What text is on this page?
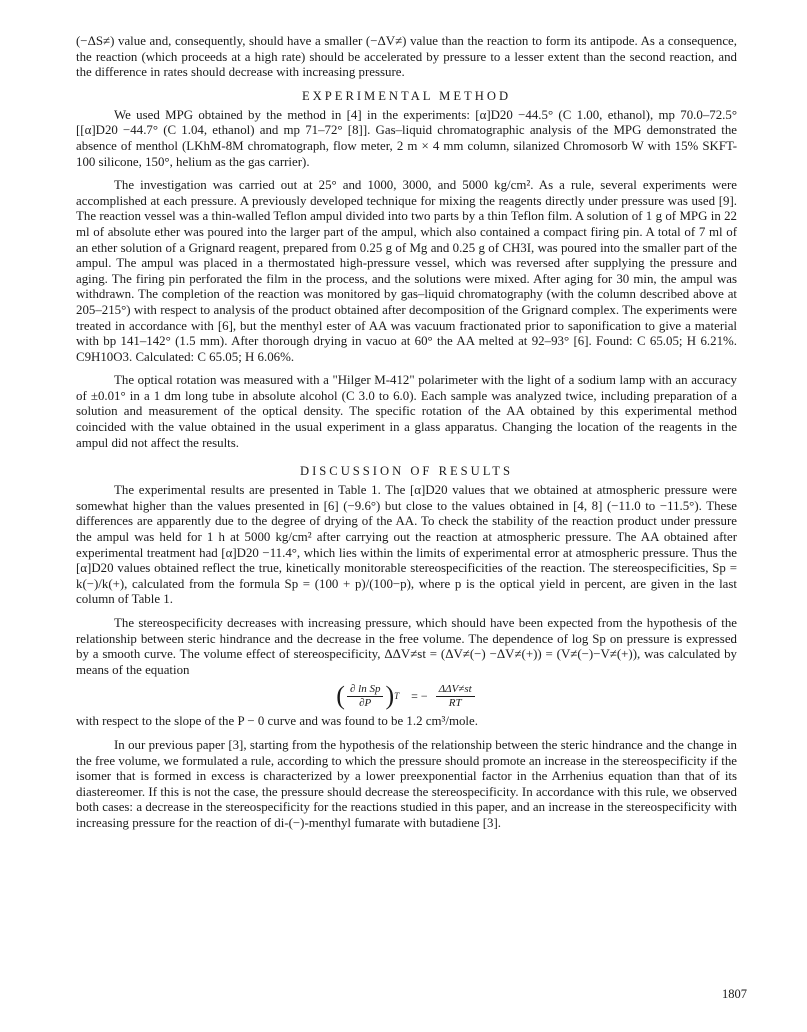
(−ΔS≠) value and, consequently, should have a smaller (−ΔV≠) value than the reaction to form its antipode. As a consequence, the reaction (which proceeds at a high rate) should be accelerated by pressure to a lesser extent than the second reaction, and the difference in rates should decrease with increasing pressure.

EXPERIMENTAL METHOD

We used MPG obtained by the method in [4] in the experiments: [α]D20 −44.5° (C 1.00, ethanol), mp 70.0–72.5° [[α]D20 −44.7° (C 1.04, ethanol) and mp 71–72° [8]]. Gas–liquid chromatographic analysis of the MPG demonstrated the absence of menthol (LKhM-8M chromatograph, flow meter, 2 m × 4 mm column, silanized Chromosorb W with 15% SKFT-100 silicone, 150°, helium as the gas carrier).

The investigation was carried out at 25° and 1000, 3000, and 5000 kg/cm². As a rule, several experiments were accomplished at each pressure. A previously developed technique for mixing the reagents directly under pressure was used [9]. The reaction vessel was a thin-walled Teflon ampul divided into two parts by a thin Teflon film. A solution of 1 g of MPG in 22 ml of absolute ether was poured into the larger part of the ampul, which also contained a compact firing pin. A total of 7 ml of an ether solution of a Grignard reagent, prepared from 0.25 g of Mg and 0.25 g of CH3I, was poured into the smaller part of the ampul. The ampul was placed in a thermostated high-pressure vessel, which was reversed after supplying the pressure and aging. The firing pin perforated the film in the process, and the solutions were mixed. After aging for 30 min, the ampul was withdrawn. The completion of the reaction was monitored by gas–liquid chromatography (with the column described above at 205–215°) with respect to analysis of the product obtained after decomposition of the Grignard complex. The experiments were treated in accordance with [6], but the menthyl ester of AA was vacuum fractionated prior to saponification to give a material with bp 141–142° (1.5 mm). After thorough drying in vacuo at 60° the AA melted at 92–93° [6]. Found: C 65.05; H 6.21%. C9H10O3. Calculated: C 65.05; H 6.06%.

The optical rotation was measured with a "Hilger M-412" polarimeter with the light of a sodium lamp with an accuracy of ±0.01° in a 1 dm long tube in absolute alcohol (C 3.0 to 6.0). Each sample was analyzed twice, including preparation of a solution and measurement of the optical density. The specific rotation of the AA obtained by this experimental method coincided with the value obtained in the usual experiment in a glass apparatus. Changing the location of the reagents in the ampul did not affect the results.

DISCUSSION OF RESULTS

The experimental results are presented in Table 1. The [α]D20 values that we obtained at atmospheric pressure were somewhat higher than the values presented in [6] (−9.6°) but close to the values obtained in [4, 8] (−11.0 to −11.5°). These differences are apparently due to the degree of drying of the AA. To check the stability of the reaction product under pressure the ampul was held for 1 h at 5000 kg/cm² after carrying out the reaction at atmospheric pressure. The AA obtained after experimental treatment had [α]D20 −11.4°, which lies within the limits of experimental error at atmospheric pressure. Thus the [α]D20 values obtained reflect the true, kinetically monitorable stereospecificities of the reaction. The stereospecificities, Sp = k(−)/k(+), calculated from the formula Sp = (100 + p)/(100−p), where p is the optical yield in percent, are given in the last column of Table 1.

The stereospecificity decreases with increasing pressure, which should have been expected from the hypothesis of the relationship between steric hindrance and the decrease in the free volume. The dependence of log Sp on pressure is expressed by a smooth curve. The volume effect of stereospecificity, ΔΔV≠st = (ΔV≠(−) −ΔV≠(+)) = (V≠(−)−V≠(+)), was calculated by means of the equation

( $\frac{\text{∂ ln Sp}}{\partial P}$ ) T = − $\frac{\text{ΔΔV≠st}}{RT}$

with respect to the slope of the P − 0 curve and was found to be 1.2 cm³/mole.

In our previous paper [3], starting from the hypothesis of the relationship between the steric hindrance and the change in the free volume, we formulated a rule, according to which the pressure should promote an increase in the stereospecificity if the isomer that is formed in excess is characterized by a lower preexponential factor in the Arrhenius equation than that of its diastereomer. If this is not the case, the pressure should decrease the stereospecificity. In accordance with this rule, we observed both cases: a decrease in the stereospecificity for the reactions studied in this paper, and an increase in the stereospecificity with increasing pressure for the reaction of di-(−)-menthyl fumarate with butadiene [3].

1807
